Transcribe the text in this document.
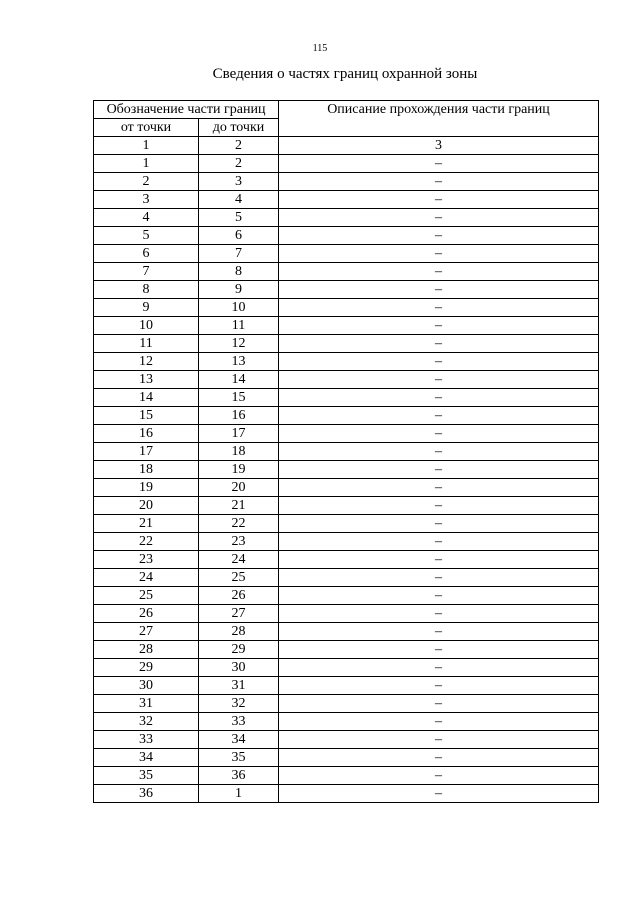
115
Сведения о частях границ охранной зоны
Обозначение части границ		Описание прохождения части границ
от точки	до точки	
1	2	3
1	2	–
2	3	–
3	4	–
4	5	–
5	6	–
6	7	–
7	8	–
8	9	–
9	10	–
10	11	–
11	12	–
12	13	–
13	14	–
14	15	–
15	16	–
16	17	–
17	18	–
18	19	–
19	20	–
20	21	–
21	22	–
22	23	–
23	24	–
24	25	–
25	26	–
26	27	–
27	28	–
28	29	–
29	30	–
30	31	–
31	32	–
32	33	–
33	34	–
34	35	–
35	36	–
36	1	–
